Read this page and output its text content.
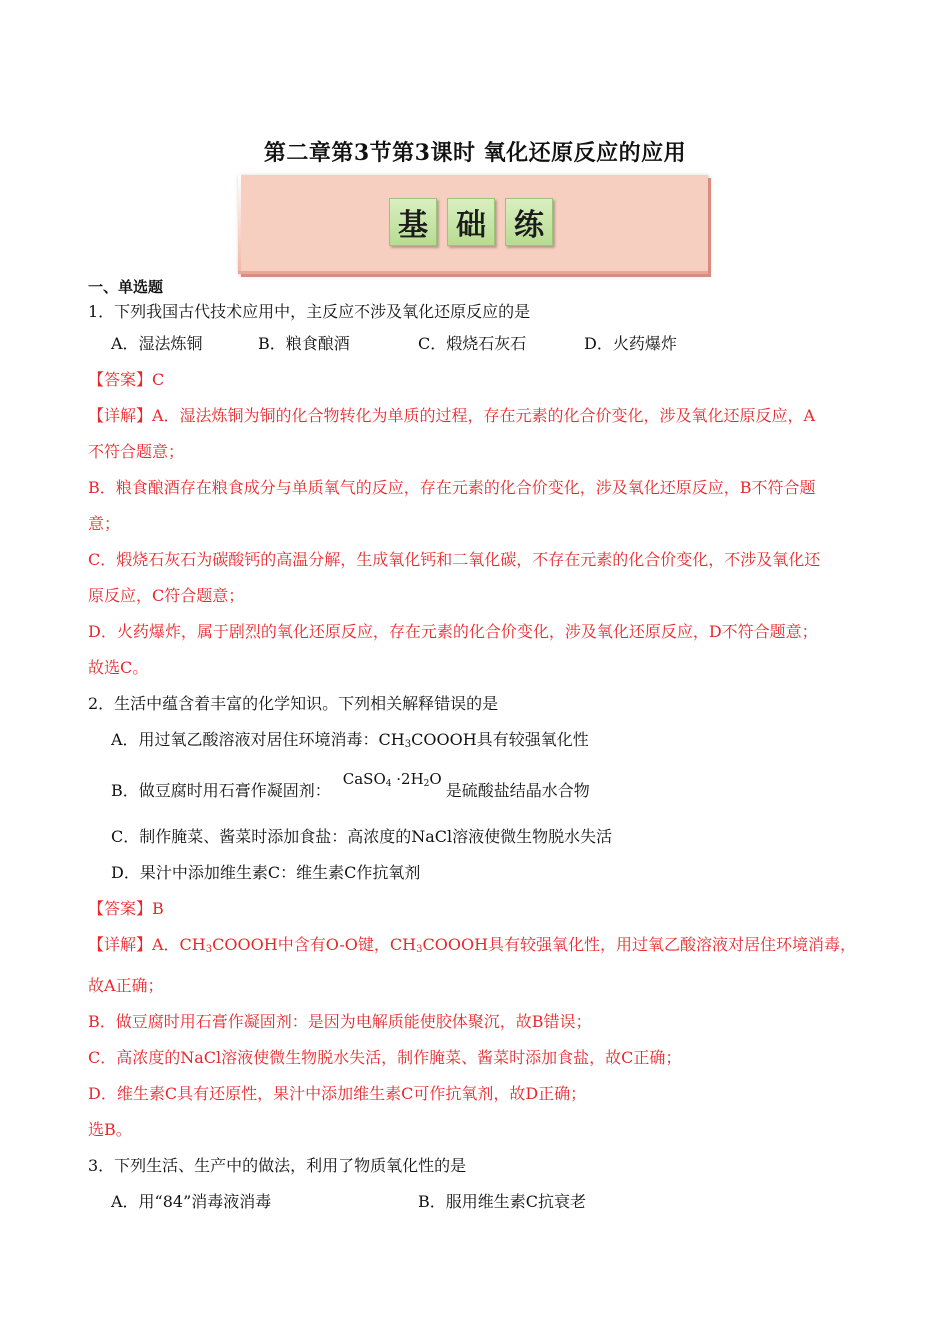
第二章第3节第3课时 氧化还原反应的应用
基 础 练
一、单选题
1．下列我国古代技术应用中，主反应不涉及氧化还原反应的是
A．湿法炼铜	B．粮食酿酒	C．煅烧石灰石	D．火药爆炸
【答案】C
【详解】A．湿法炼铜为铜的化合物转化为单质的过程，存在元素的化合价变化，涉及氧化还原反应，A
不符合题意；
B．粮食酿酒存在粮食成分与单质氧气的反应，存在元素的化合价变化，涉及氧化还原反应，B不符合题
意；
C．煅烧石灰石为碳酸钙的高温分解，生成氧化钙和二氧化碳，不存在元素的化合价变化，不涉及氧化还
原反应，C符合题意；
D．火药爆炸，属于剧烈的氧化还原反应，存在元素的化合价变化，涉及氧化还原反应，D不符合题意；
故选C。
2．生活中蕴含着丰富的化学知识。下列相关解释错误的是
A．用过氧乙酸溶液对居住环境消毒：$CH_3COOOH$具有较强氧化性
B．做豆腐时用石膏作凝固剂：
CaSO$_4$ $\cdot 2H_2O$
是硫酸盐结晶水合物
C．制作腌菜、酱菜时添加食盐：高浓度的NaCl溶液使微生物脱水失活
D．果汁中添加维生素C：维生素C作抗氧剂
【答案】B
【详解】A．$CH_3COOOH$中含有O-O键，$CH_3COOOH$具有较强氧化性，用过氧乙酸溶液对居住环境消毒，
故A正确；
B．做豆腐时用石膏作凝固剂：是因为电解质能使胶体聚沉，故B错误；
C．高浓度的NaCl溶液使微生物脱水失活，制作腌菜、酱菜时添加食盐，故C正确；
D．维生素C具有还原性，果汁中添加维生素C可作抗氧剂，故D正确；
选B。
3．下列生活、生产中的做法，利用了物质氧化性的是
A．用“84”消毒液消毒	B．服用维生素C抗衰老
